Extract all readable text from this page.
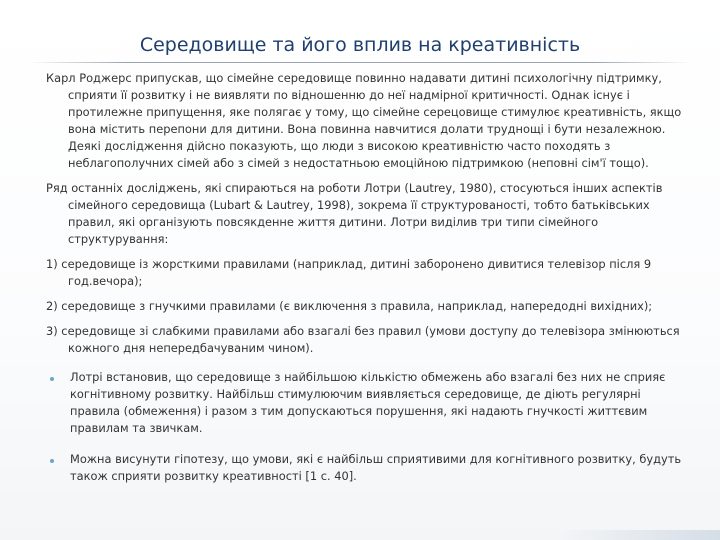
Середовище та його вплив на креативність

Карл Роджерс припускав, що сімейне середовище повинно надавати дитині психологічну підтримку, сприяти її розвитку і не виявляти по відношенню до неї надмірної критичності. Однак існує і протилежне припущення, яке полягає у тому, що сімейне серецовище стимулює креативність, якщо вона містить перепони для дитини. Вона повинна навчитися долати труднощі і бути незалежною. Деякі дослідження дійсно показують, що люди з високою креативністю часто походять з неблагополучних сімей або з сімей з недостатньою емоційною підтримкою (неповні сім'ї тощо).

Ряд останніх досліджень, які спираються на роботи Лотри (Lautrey, 1980), стосуються інших аспектів сімейного середовища (Lubart & Lautrey, 1998), зокрема її структурованості, тобто батьківських правил, які організують повсякденне життя дитини. Лотри виділив три типи сімейного структурування:

1) середовище із жорсткими правилами (наприклад, дитині заборонено дивитися телевізор після 9 год.вечора);

2) середовище з гнучкими правилами (є виключення з правила, наприклад, напередодні вихідних);

3) середовище зі слабкими правилами або взагалі без правил (умови доступу до телевізора змінюються кожного дня непередбачуваним чином).

Лотрі встановив, що середовище з найбільшою кількістю обмежень або взагалі без них не сприяє когнітивному розвитку. Найбільш стимулюючим виявляється середовище, де діють регулярні правила (обмеження) і разом з тим допускаються порушення, які надають гнучкості життєвим правилам та звичкам.
Можна висунути гіпотезу, що умови, які є найбільш сприятивими для когнітивного розвитку, будуть також сприяти розвитку креативності [1 с. 40].
